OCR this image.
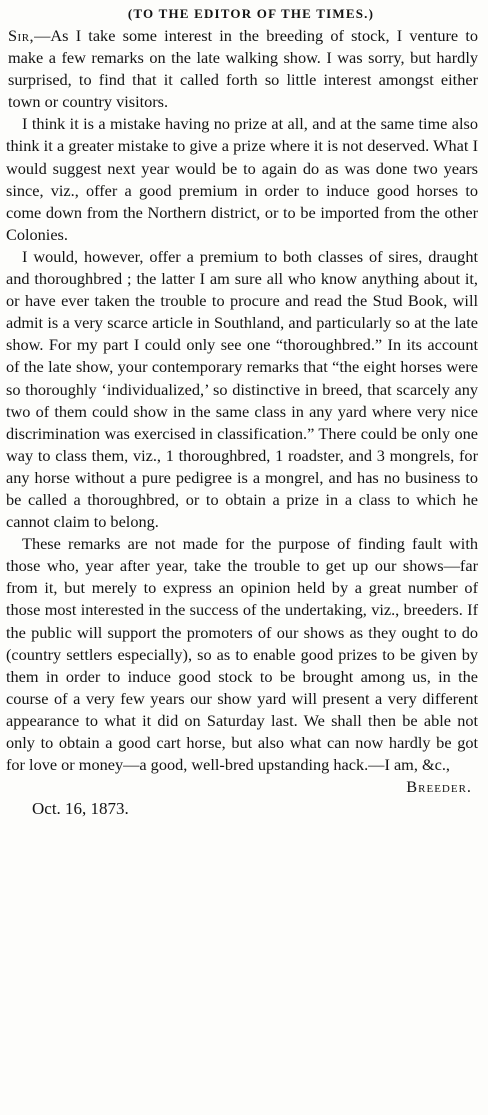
(TO THE EDITOR OF THE TIMES.)

Sir,—As I take some interest in the breeding of stock, I venture to make a few remarks on the late walking show. I was sorry, but hardly surprised, to find that it called forth so little interest amongst either town or country visitors.

I think it is a mistake having no prize at all, and at the same time also think it a greater mistake to give a prize where it is not deserved. What I would suggest next year would be to again do as was done two years since, viz., offer a good premium in order to induce good horses to come down from the Northern district, or to be imported from the other Colonies.

I would, however, offer a premium to both classes of sires, draught and thoroughbred ; the latter I am sure all who know anything about it, or have ever taken the trouble to procure and read the Stud Book, will admit is a very scarce article in Southland, and particularly so at the late show. For my part I could only see one “thoroughbred.” In its account of the late show, your contemporary remarks that “the eight horses were so thoroughly ‘individualized,’ so distinctive in breed, that scarcely any two of them could show in the same class in any yard where very nice discrimination was exercised in classification.” There could be only one way to class them, viz., 1 thoroughbred, 1 roadster, and 3 mongrels, for any horse without a pure pedigree is a mongrel, and has no business to be called a thoroughbred, or to obtain a prize in a class to which he cannot claim to belong.

These remarks are not made for the purpose of finding fault with those who, year after year, take the trouble to get up our shows—far from it, but merely to express an opinion held by a great number of those most interested in the success of the undertaking, viz., breeders. If the public will support the promoters of our shows as they ought to do (country settlers especially), so as to enable good prizes to be given by them in order to induce good stock to be brought among us, in the course of a very few years our show yard will present a very different appearance to what it did on Saturday last. We shall then be able not only to obtain a good cart horse, but also what can now hardly be got for love or money—a good, well-bred upstanding hack.—I am, &c.,

Breeder.

Oct. 16, 1873.
